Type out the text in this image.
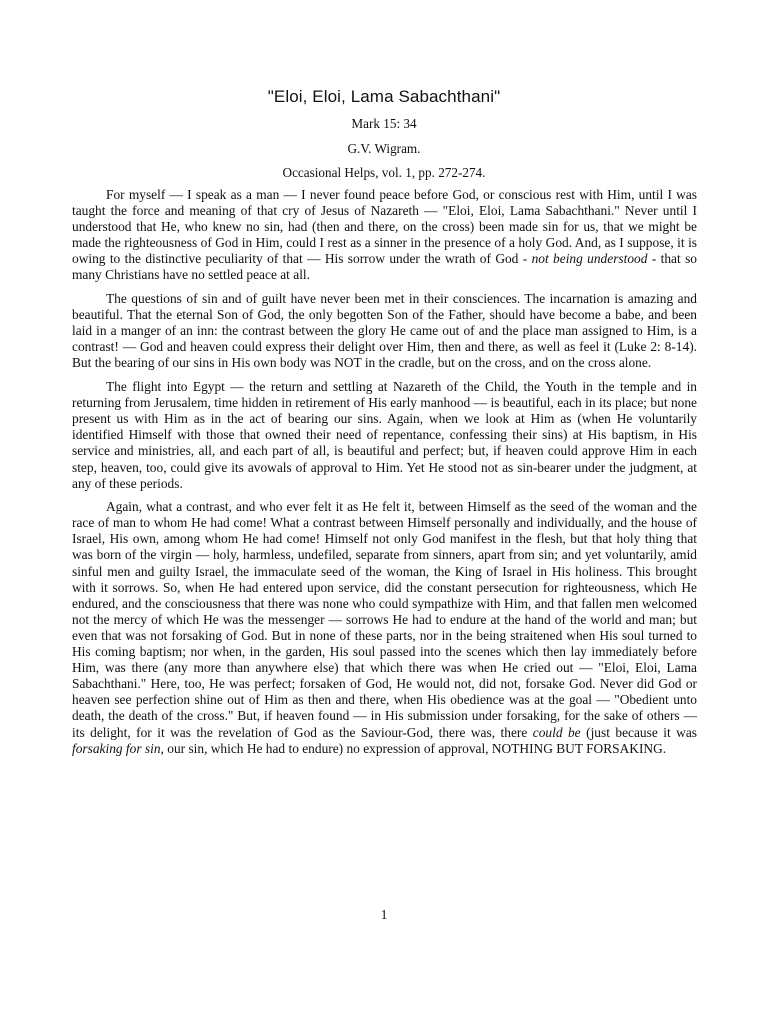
"Eloi, Eloi, Lama Sabachthani"

Mark 15: 34

G.V. Wigram.

Occasional Helps, vol. 1, pp. 272-274.

For myself — I speak as a man — I never found peace before God, or conscious rest with Him, until I was taught the force and meaning of that cry of Jesus of Nazareth — "Eloi, Eloi, Lama Sabachthani." Never until I understood that He, who knew no sin, had (then and there, on the cross) been made sin for us, that we might be made the righteousness of God in Him, could I rest as a sinner in the presence of a holy God. And, as I suppose, it is owing to the distinctive peculiarity of that — His sorrow under the wrath of God - not being understood - that so many Christians have no settled peace at all.

The questions of sin and of guilt have never been met in their consciences. The incarnation is amazing and beautiful. That the eternal Son of God, the only begotten Son of the Father, should have become a babe, and been laid in a manger of an inn: the contrast between the glory He came out of and the place man assigned to Him, is a contrast! — God and heaven could express their delight over Him, then and there, as well as feel it (Luke 2: 8-14). But the bearing of our sins in His own body was NOT in the cradle, but on the cross, and on the cross alone.

The flight into Egypt — the return and settling at Nazareth of the Child, the Youth in the temple and in returning from Jerusalem, time hidden in retirement of His early manhood — is beautiful, each in its place; but none present us with Him as in the act of bearing our sins. Again, when we look at Him as (when He voluntarily identified Himself with those that owned their need of repentance, confessing their sins) at His baptism, in His service and ministries, all, and each part of all, is beautiful and perfect; but, if heaven could approve Him in each step, heaven, too, could give its avowals of approval to Him. Yet He stood not as sin-bearer under the judgment, at any of these periods.

Again, what a contrast, and who ever felt it as He felt it, between Himself as the seed of the woman and the race of man to whom He had come! What a contrast between Himself personally and individually, and the house of Israel, His own, among whom He had come! Himself not only God manifest in the flesh, but that holy thing that was born of the virgin — holy, harmless, undefiled, separate from sinners, apart from sin; and yet voluntarily, amid sinful men and guilty Israel, the immaculate seed of the woman, the King of Israel in His holiness. This brought with it sorrows. So, when He had entered upon service, did the constant persecution for righteousness, which He endured, and the consciousness that there was none who could sympathize with Him, and that fallen men welcomed not the mercy of which He was the messenger — sorrows He had to endure at the hand of the world and man; but even that was not forsaking of God. But in none of these parts, nor in the being straitened when His soul turned to His coming baptism; nor when, in the garden, His soul passed into the scenes which then lay immediately before Him, was there (any more than anywhere else) that which there was when He cried out — "Eloi, Eloi, Lama Sabachthani." Here, too, He was perfect; forsaken of God, He would not, did not, forsake God. Never did God or heaven see perfection shine out of Him as then and there, when His obedience was at the goal — "Obedient unto death, the death of the cross." But, if heaven found — in His submission under forsaking, for the sake of others — its delight, for it was the revelation of God as the Saviour-God, there was, there could be (just because it was forsaking for sin, our sin, which He had to endure) no expression of approval, NOTHING BUT FORSAKING.

1
